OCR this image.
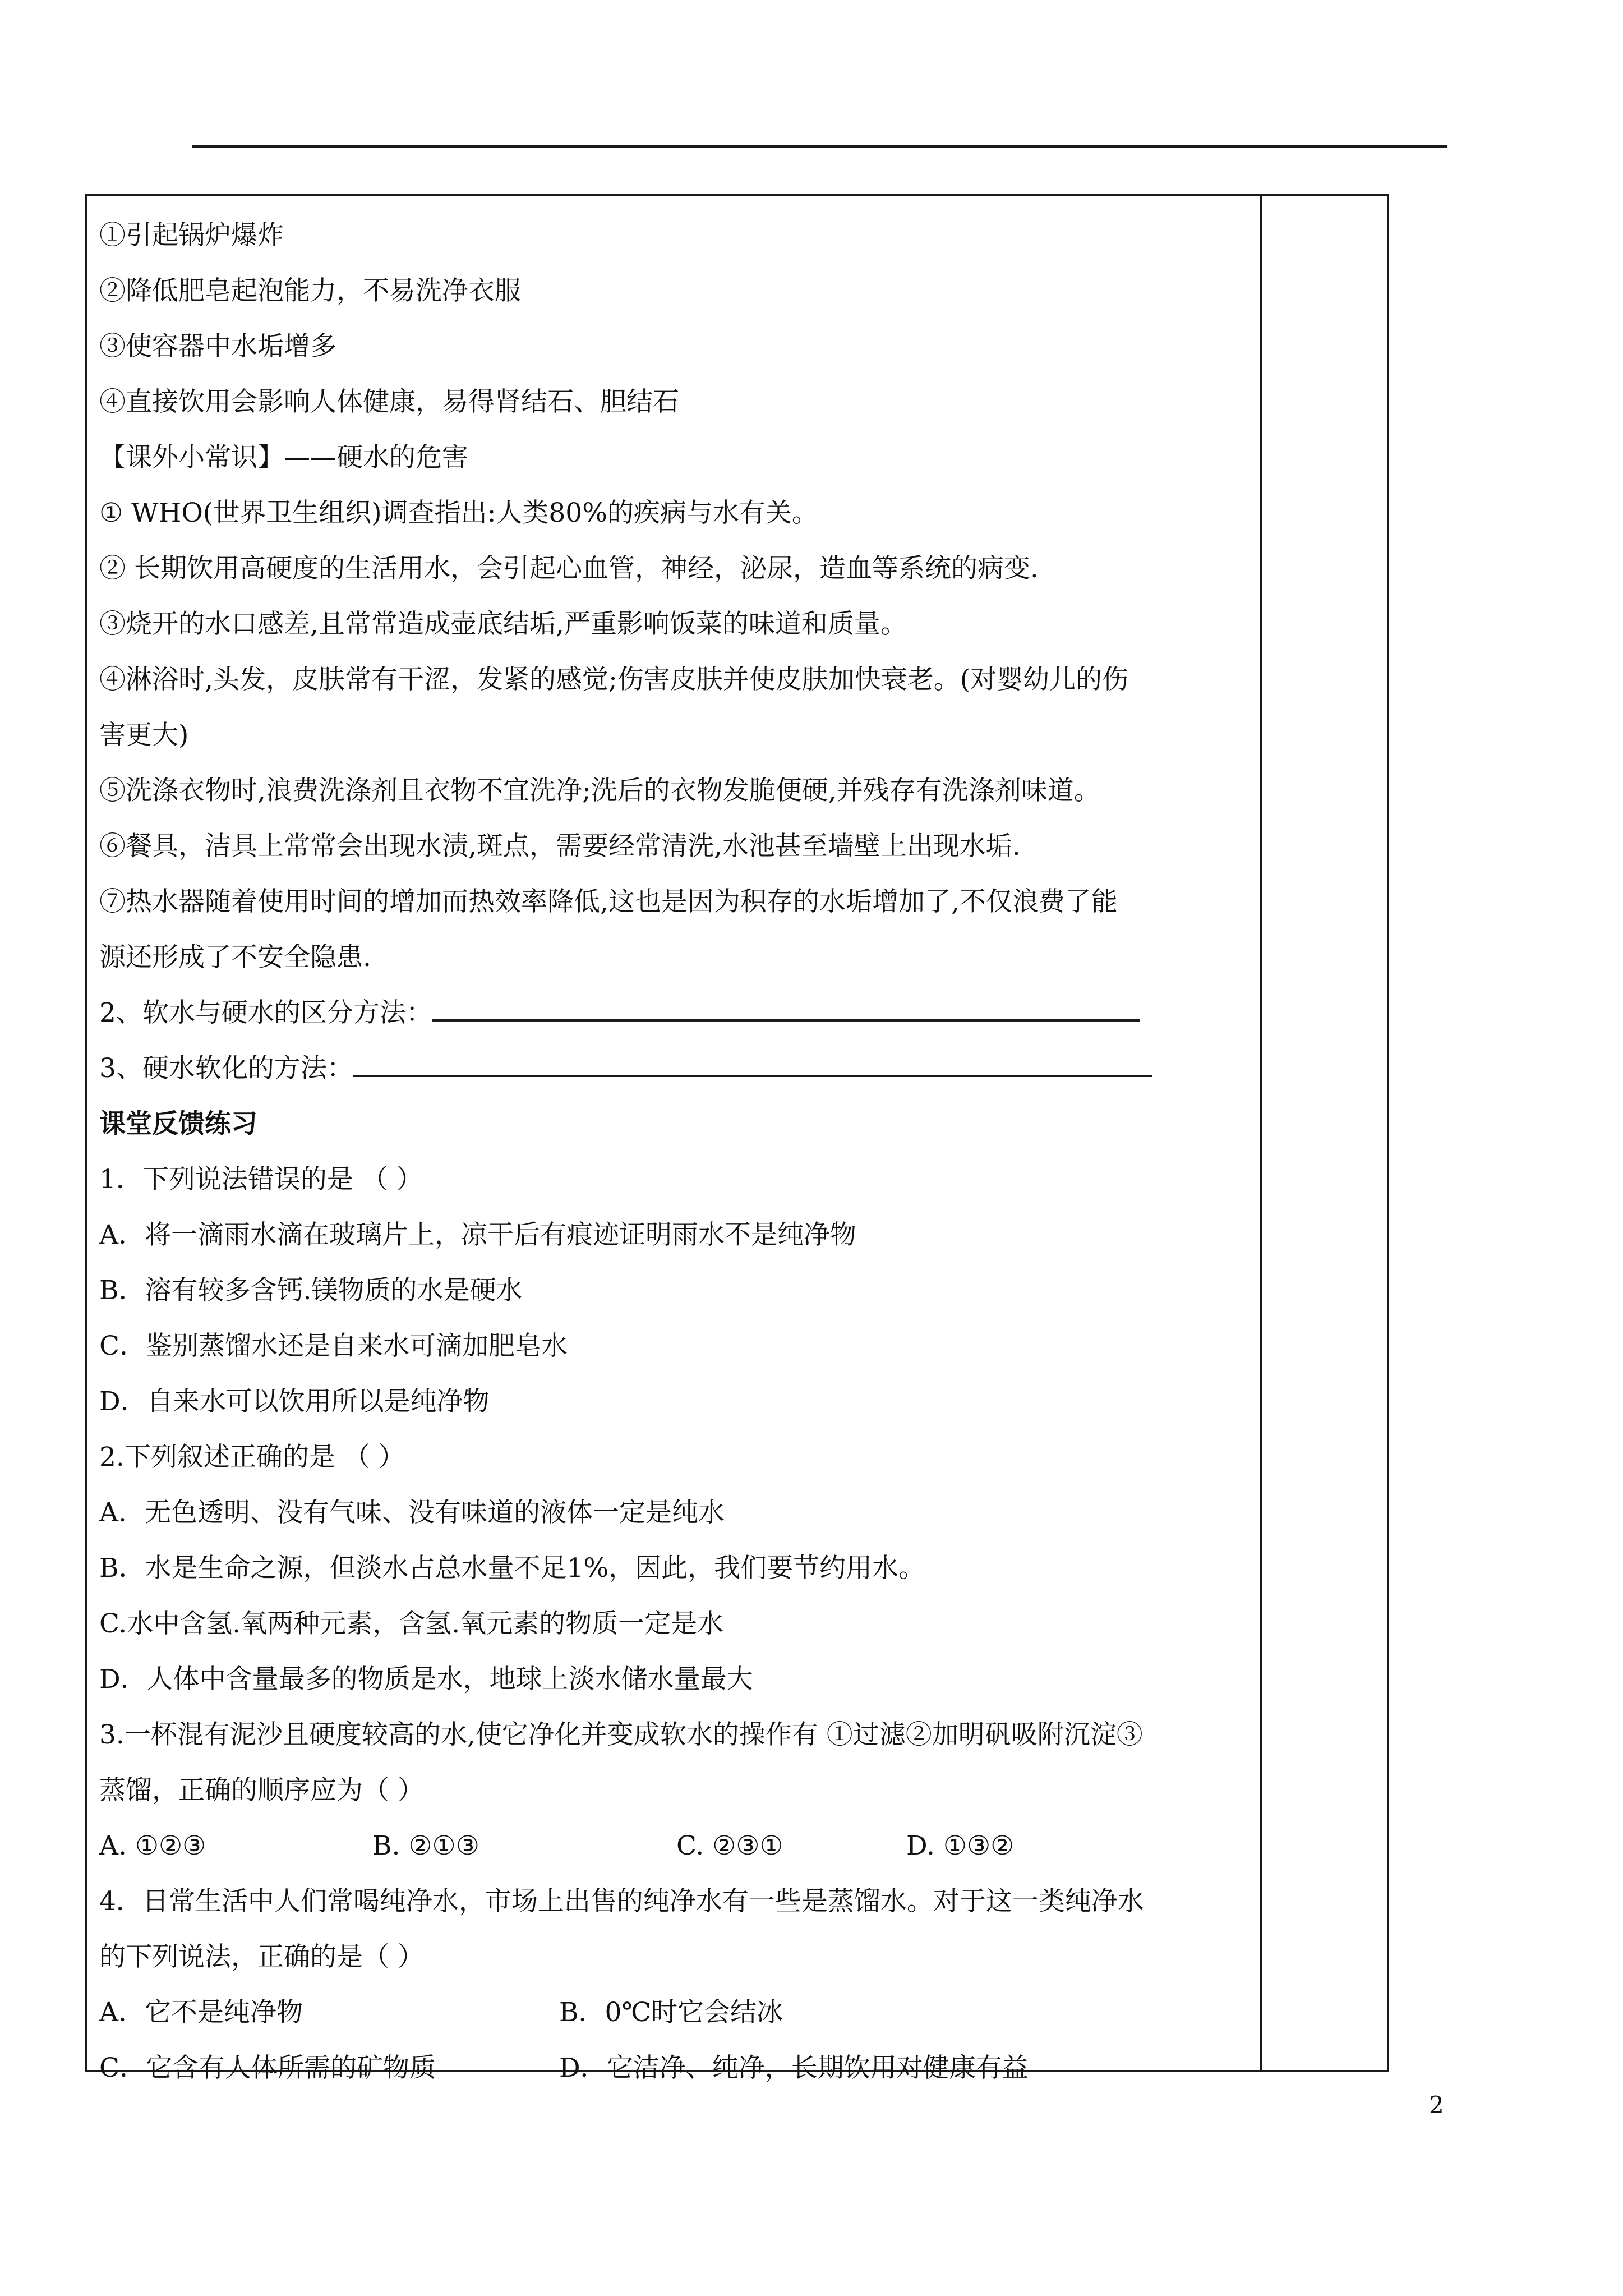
①引起锅炉爆炸
②降低肥皂起泡能力，不易洗净衣服
③使容器中水垢增多
④直接饮用会影响人体健康，易得肾结石、胆结石
【课外小常识】——硬水的危害
① WHO(世界卫生组织)调查指出:人类80%的疾病与水有关。
② 长期饮用高硬度的生活用水，会引起心血管，神经，泌尿，造血等系统的病变.
③烧开的水口感差,且常常造成壶底结垢,严重影响饭菜的味道和质量。
④淋浴时,头发，皮肤常有干涩，发紧的感觉;伤害皮肤并使皮肤加快衰老。(对婴幼儿的伤
害更大)
⑤洗涤衣物时,浪费洗涤剂且衣物不宜洗净;洗后的衣物发脆便硬,并残存有洗涤剂味道。
⑥餐具，洁具上常常会出现水渍,斑点，需要经常清洗,水池甚至墙壁上出现水垢.
⑦热水器随着使用时间的增加而热效率降低,这也是因为积存的水垢增加了,不仅浪费了能
源还形成了不安全隐患.
2、软水与硬水的区分方法：
3、硬水软化的方法：
课堂反馈练习
1．下列说法错误的是 （ ）
A．将一滴雨水滴在玻璃片上，凉干后有痕迹证明雨水不是纯净物
B．溶有较多含钙.镁物质的水是硬水
C．鉴别蒸馏水还是自来水可滴加肥皂水
D．自来水可以饮用所以是纯净物
2.下列叙述正确的是 （ ）
A．无色透明、没有气味、没有味道的液体一定是纯水
B．水是生命之源，但淡水占总水量不足1%，因此，我们要节约用水。
C.水中含氢.氧两种元素，含氢.氧元素的物质一定是水
D．人体中含量最多的物质是水，地球上淡水储水量最大
3.一杯混有泥沙且硬度较高的水,使它净化并变成软水的操作有 ①过滤②加明矾吸附沉淀③
蒸馏，正确的顺序应为（ ）
A. ①②③	B. ②①③	C. ②③①	D. ①③②
4．日常生活中人们常喝纯净水，市场上出售的纯净水有一些是蒸馏水。对于这一类纯净水
的下列说法，正确的是（ ）
A．它不是纯净物	B．0℃时它会结冰
C．它含有人体所需的矿物质	D．它洁净、纯净，长期饮用对健康有益
2
